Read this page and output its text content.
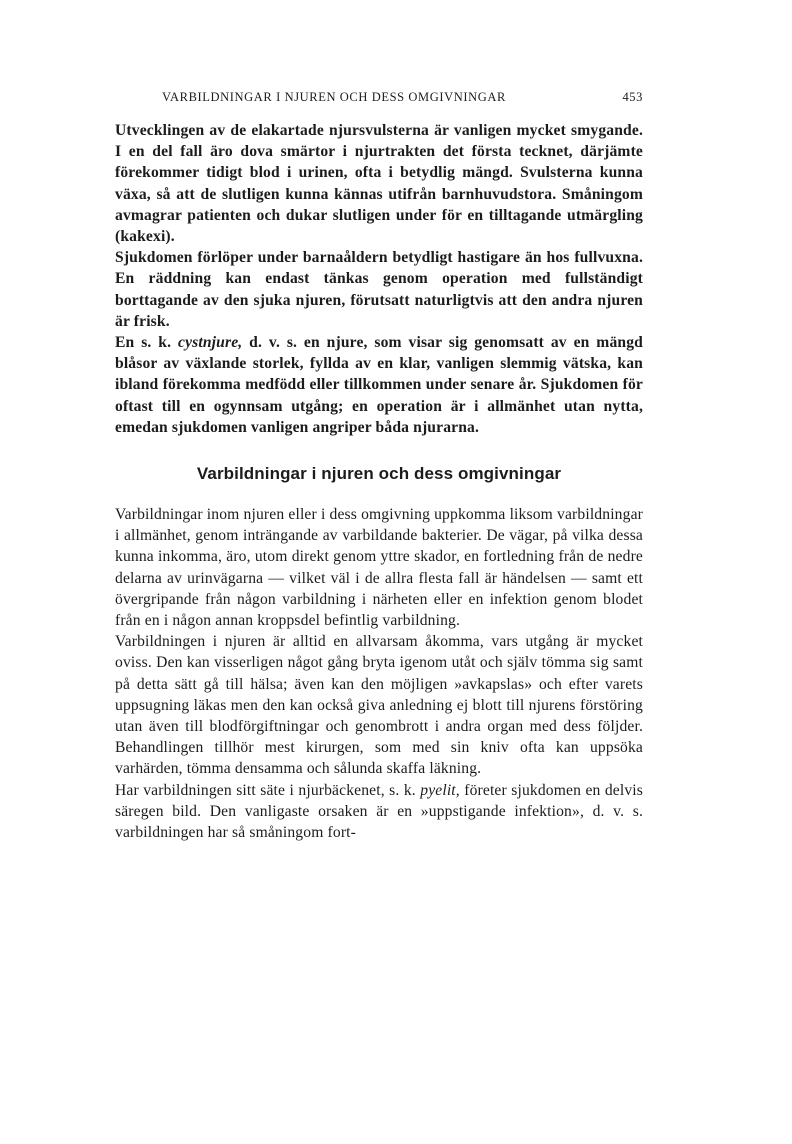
VARBILDNINGAR I NJUREN OCH DESS OMGIVNINGAR	453

Utvecklingen av de elakartade njursvulsterna är vanligen mycket smygande. I en del fall äro dova smärtor i njurtrakten det första tecknet, därjämte förekommer tidigt blod i urinen, ofta i betydlig mängd. Svulsterna kunna växa, så att de slutligen kunna kännas utifrån barnhuvudstora. Småningom avmagrar patienten och dukar slutligen under för en tilltagande utmärgling (kakexi).

Sjukdomen förlöper under barnaåldern betydligt hastigare än hos fullvuxna. En räddning kan endast tänkas genom operation med fullständigt borttagande av den sjuka njuren, förutsatt naturligtvis att den andra njuren är frisk.

En s. k. cystnjure, d. v. s. en njure, som visar sig genomsatt av en mängd blåsor av växlande storlek, fyllda av en klar, vanligen slemmig vätska, kan ibland förekomma medfödd eller tillkommen under senare år. Sjukdomen för oftast till en ogynnsam utgång; en operation är i allmänhet utan nytta, emedan sjukdomen vanligen angriper båda njurarna.

Varbildningar i njuren och dess omgivningar

Varbildningar inom njuren eller i dess omgivning uppkomma liksom varbildningar i allmänhet, genom inträngande av varbildande bakterier. De vägar, på vilka dessa kunna inkomma, äro, utom direkt genom yttre skador, en fortledning från de nedre delarna av urinvägarna — vilket väl i de allra flesta fall är händelsen — samt ett övergripande från någon varbildning i närheten eller en infektion genom blodet från en i någon annan kroppsdel befintlig varbildning.

Varbildningen i njuren är alltid en allvarsam åkomma, vars utgång är mycket oviss. Den kan visserligen något gång bryta igenom utåt och själv tömma sig samt på detta sätt gå till hälsa; även kan den möjligen »avkapslas» och efter varets uppsugning läkas men den kan också giva anledning ej blott till njurens förstöring utan även till blodförgiftningar och genombrott i andra organ med dess följder. Behandlingen tillhör mest kirurgen, som med sin kniv ofta kan uppsöka varhärden, tömma densamma och sålunda skaffa läkning.

Har varbildningen sitt säte i njurbäckenet, s. k. pyelit, företer sjukdomen en delvis säregen bild. Den vanligaste orsaken är en »uppstigande infektion», d. v. s. varbildningen har så småningom fort-
